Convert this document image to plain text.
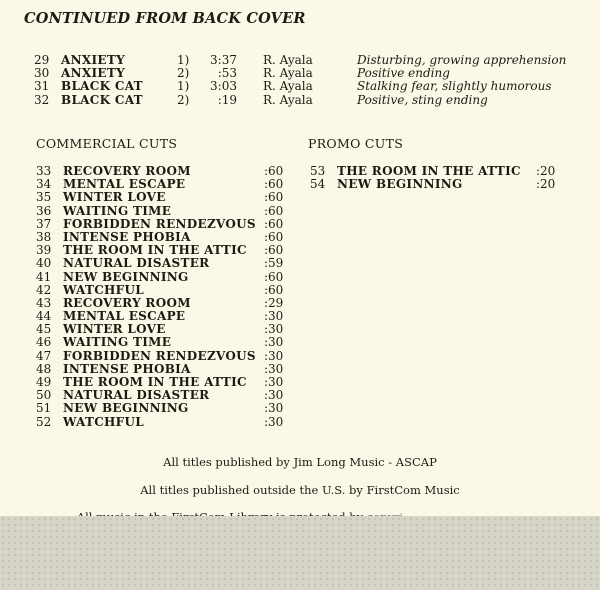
CONTINUED FROM BACK COVER
29 ANXIETY	1)	3:37 R. Ayala	Disturbing, growing apprehension
30 ANXIETY	2)	:53 R. Ayala	Positive ending
31 BLACK CAT	1)	3:03 R. Ayala	Stalking fear, slightly humorous
32 BLACK CAT	2)	:19 R. Ayala	Positive, sting ending
COMMERCIAL CUTS	PROMO CUTS
33 RECOVERY ROOM	:60
34 MENTAL ESCAPE	:60
35 WINTER LOVE	:60
36 WAITING TIME	:60
37 FORBIDDEN RENDEZVOUS :60
38 INTENSE PHOBIA	:60
39 THE ROOM IN THE ATTIC :60
40 NATURAL DISASTER	:59
41 NEW BEGINNING	:60
42 WATCHFUL	:60
43 RECOVERY ROOM	:29
44 MENTAL ESCAPE	:30
45 WINTER LOVE	:30
46 WAITING TIME	:30
47 FORBIDDEN RENDEZVOUS :30
48 INTENSE PHOBIA	:30
49 THE ROOM IN THE ATTIC :30
50 NATURAL DISASTER	:30
51 NEW BEGINNING	:30
52 WATCHFUL	:30
53 THE ROOM IN THE ATTIC :20
54 NEW BEGINNING	:20
All titles published by Jim Long Music - ASCAP
All titles published outside the U.S. by FirstCom Music
